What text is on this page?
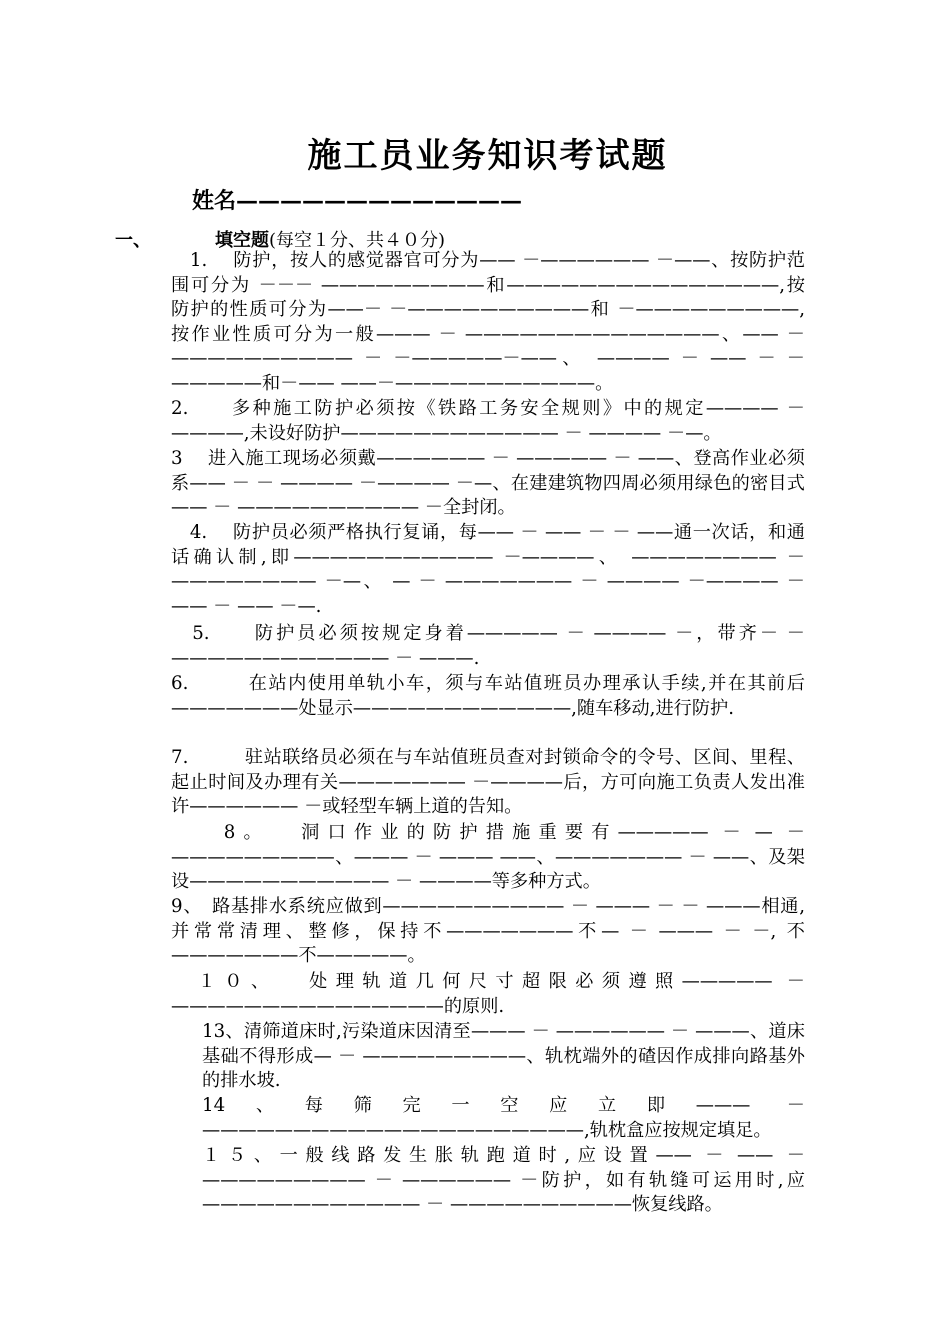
施工员业务知识考试题
姓名—————————————
一、	填空题(每空１分、共４０分)
　1.　 防护，按人的感觉器官可分为—— －—————— －——、按防护范围可分为 －－－ —————————和———————————————,按防护的性质可分为——－ －——————————和 －—————————,按作业性质可分为一般——— － ——————————————、—— －—————————— － －—————－——、 ———— － —— － －—————和－—— ——－———————————。
2.　　多种施工防护必须按《铁路工务安全规则》中的规定———— － ————,未设好防护———————————— － ———— －—。
3　 进入施工现场必须戴—————— － ————— － ——、登高作业必须系—— － － ———— －———— －—、在建建筑物四周必须用绿色的密目式—— － —————————— －全封闭。
　4.　 防护员必须严格执行复诵，每—— － —— － － ——通一次话，和通话确认制,即——————————— －————、 ———————— － ———————— －—、 — － ——————— － ———— －———— － —— － —— －—.
　5.　　防护员必须按规定身着————— － ———— －，带齐－ － ———————————— － ———.
6.　　　在站内使用单轨小车，须与车站值班员办理承认手续,并在其前后———————处显示————————————,随车移动,进行防护.
7.　　　驻站联络员必须在与车站值班员查对封锁命令的令号、区间、里程、起止时间及办理有关——————— －————后，方可向施工负责人发出准许—————— －或轻型车辆上道的告知。
　　8。　 洞口作业的防护措施重要有————— － — － —————————、——— － ——— ——、——————— － ——、及架设——————————— － ————等多种方式。
9、　路基排水系统应做到—————————— － ——— － － ———相通,并常常清理、整修，保持不———————不— － ——— － －, 不———————不—————。
　１０、　 处理轨道几何尺寸超限必须遵照————— － ———————————————的原则.
13、清筛道床时,污染道床因清至——— － —————— － ———、道床基础不得形成— － —————————、轨枕端外的碴因作成排向路基外的排水坡.
14、每筛完一空应立即——— － —————————————————————,轨枕盒应按规定填足。
１５、一般线路发生胀轨跑道时,应设置—— － —— － ————————— － —————— －防护，如有轨缝可运用时,应———————————— － ——————————恢复线路。
